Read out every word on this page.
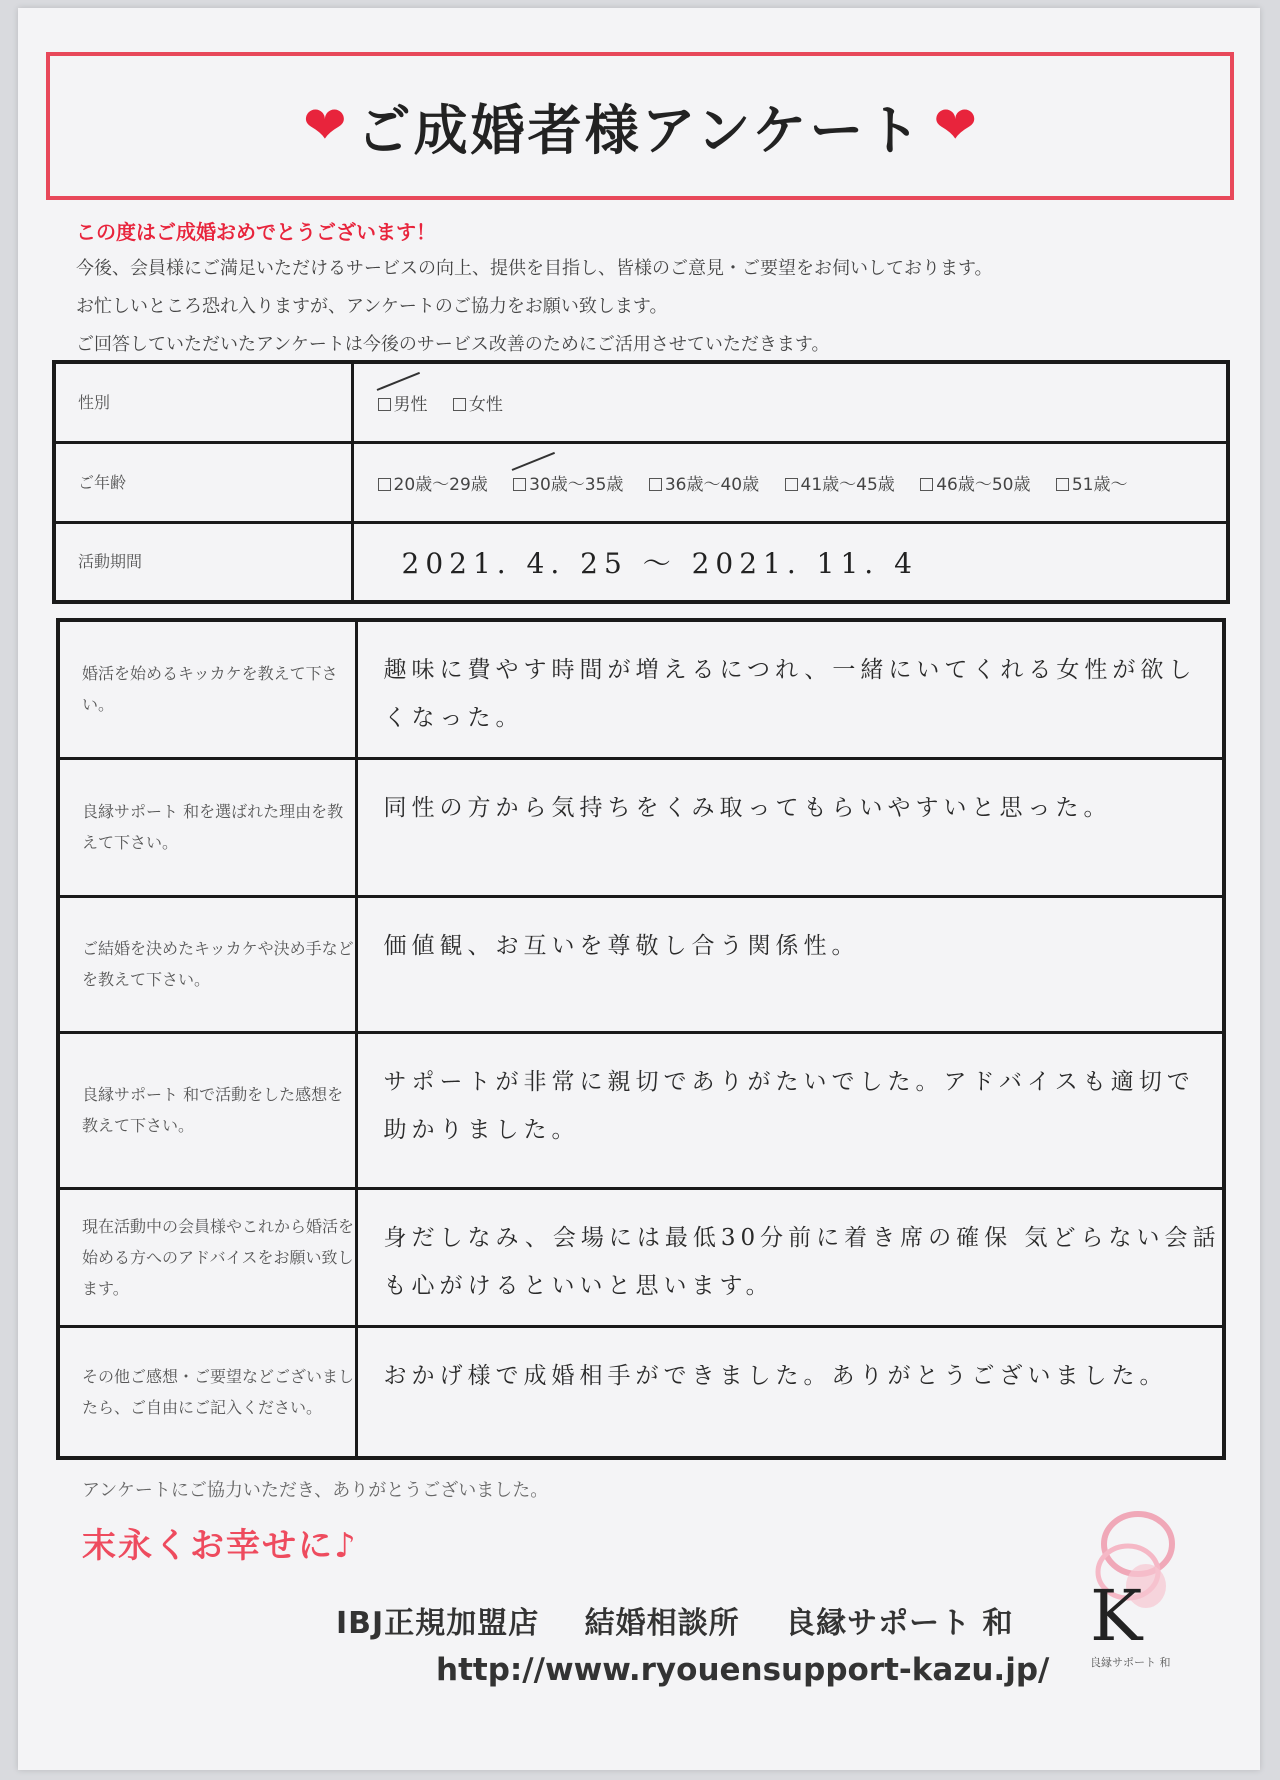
❤ ご成婚者様アンケート ❤
この度はご成婚おめでとうございます！
今後、会員様にご満足いただけるサービスの向上、提供を目指し、皆様のご意見・ご要望をお伺いしております。
お忙しいところ恐れ入りますが、アンケートのご協力をお願い致します。
ご回答していただいたアンケートは今後のサービス改善のためにご活用させていただきます。
性別	男性 女性
ご年齢	20歳～29歳 30歳～35歳 36歳～40歳 41歳～45歳 46歳～50歳 51歳～
活動期間	2021. 4. 25 ～ 2021. 11. 4
婚活を始めるキッカケを教えて下さい。	趣味に費やす時間が増えるにつれ、一緒にいてくれる女性が欲しくなった。
良縁サポート 和を選ばれた理由を教えて下さい。	同性の方から気持ちをくみ取ってもらいやすいと思った。
ご結婚を決めたキッカケや決め手などを教えて下さい。	価値観、お互いを尊敬し合う関係性。
良縁サポート 和で活動をした感想を教えて下さい。	サポートが非常に親切でありがたいでした。アドバイスも適切で助かりました。
現在活動中の会員様やこれから婚活を始める方へのアドバイスをお願い致します。	身だしなみ、会場には最低30分前に着き席の確保 気どらない会話も心がけるといいと思います。
その他ご感想・ご要望などございましたら、ご自由にご記入ください。	おかげ様で成婚相手ができました。ありがとうございました。
アンケートにご協力いただき、ありがとうございました。
末永くお幸せに♪
IBJ正規加盟店 結婚相談所 良縁サポート 和
http://www.ryouensupport-kazu.jp/
K
良縁サポート 和
